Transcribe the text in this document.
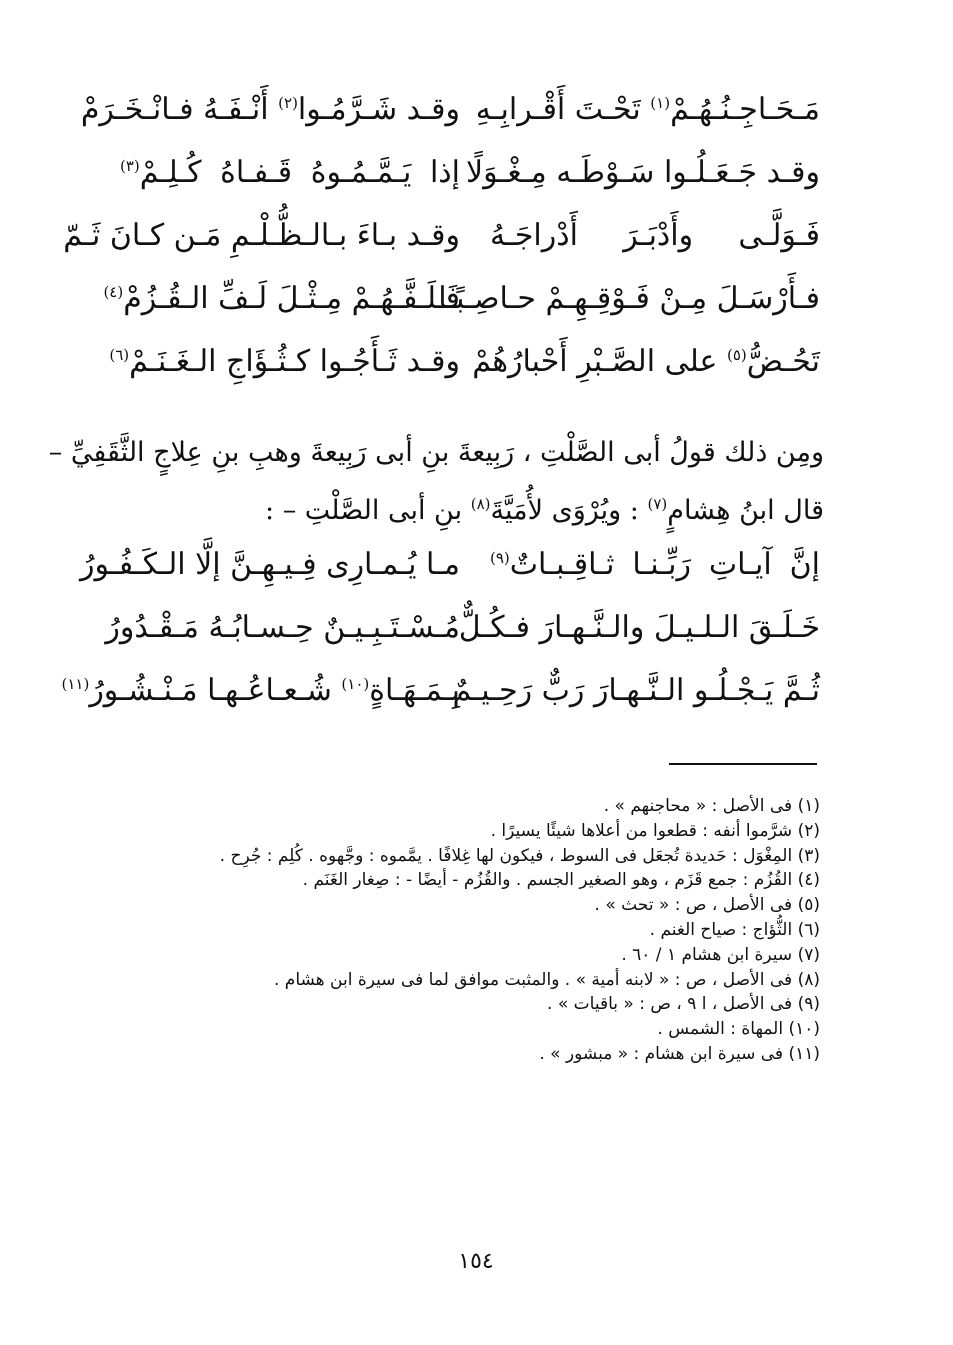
مَـحَـاجِـنُـهُـمْ$^{(١)}$ تَحْـتَ أَقْـرابِـهِ
وقـد شَـرَّمُـوا$^{(٢)}$ أَنْـفَـهُ فـانْـخَـرَمْ
وقـد جَـعَـلُـوا سَـوْطَـه مِـغْـوَلًا
إذا يَـمَّـمُـوهُ قَـفـاهُ كُـلِـمْ$^{(٣)}$
فَـوَلَّـى وأَدْبَـرَ أَدْراجَـهُ
وقـد بـاءَ بـالـظُّـلْـمِ مَـن كـانَ ثَـمّ
فـأَرْسَـلَ مِـنْ فَـوْقِـهِـمْ حـاصِـبًـا
فَـلَـفَّـهُـمْ مِـثْـلَ لَـفِّ الـقُـزُمْ$^{(٤)}$
تَحُـضُّ$^{(٥)}$ على الصَّـبْرِ أَحْبارُهُمْ
وقـد ثَـأَجُـوا كـثُـؤَاجِ الـغَـنَـمْ$^{(٦)}$

ومِن ذلك قولُ أبى الصَّلْتِ ، رَبِيعةَ بنِ أبى رَبِيعةَ وهبِ بنِ عِلاجٍ الثَّقَفِيِّ –

قال ابنُ هِشامٍ$^{(٧)}$ : ويُرْوَى لأُمَيَّةَ$^{(٨)}$ بنِ أبى الصَّلْتِ – :

إنَّ آيـاتِ رَبِّـنـا ثـاقِـبـاتٌ$^{(٩)}$
مـا يُـمـارِى فِـيـهِـنَّ إلَّا الـكَـفُـورُ
خَـلَـقَ الـلـيـلَ والـنَّـهـارَ فـكُـلٌّ
مُـسْـتَـبِـيـنٌ حِـسـابُـهُ مَـقْـدُورُ
ثُـمَّ يَـجْـلُـو الـنَّـهـارَ رَبٌّ رَحِـيـمٌ
بِـمَـهَـاةٍ$^{(١٠)}$ شُـعـاعُـهـا مَـنْـشُـورُ$^{(١١)}$
(١) فى الأصل : « محاجنهم » .
(٢) شرَّموا أنفه : قطعوا من أعلاها شيئًا يسيرًا .
(٣) المِغْوَل : حَديدة تُجعَل فى السوط ، فيكون لها غِلافًا . يمَّموه : وجَّهوه . كُلِم : جُرِح .
(٤) القُزُم : جمع قَزَم ، وهو الصغير الجسم . والقُزُم - أيضًا - : صِغار الغَنَم .
(٥) فى الأصل ، ص : « تحث » .
(٦) الثُّؤاج : صياح الغنم .
(٧) سيرة ابن هشام ١ / ٦٠ .
(٨) فى الأصل ، ص : « لابنه أمية » . والمثبت موافق لما فى سيرة ابن هشام .
(٩) فى الأصل ، ا ٩ ، ص : « باقيات » .
(١٠) المهاة : الشمس .
(١١) فى سيرة ابن هشام : « مبشور » .
١٥٤
